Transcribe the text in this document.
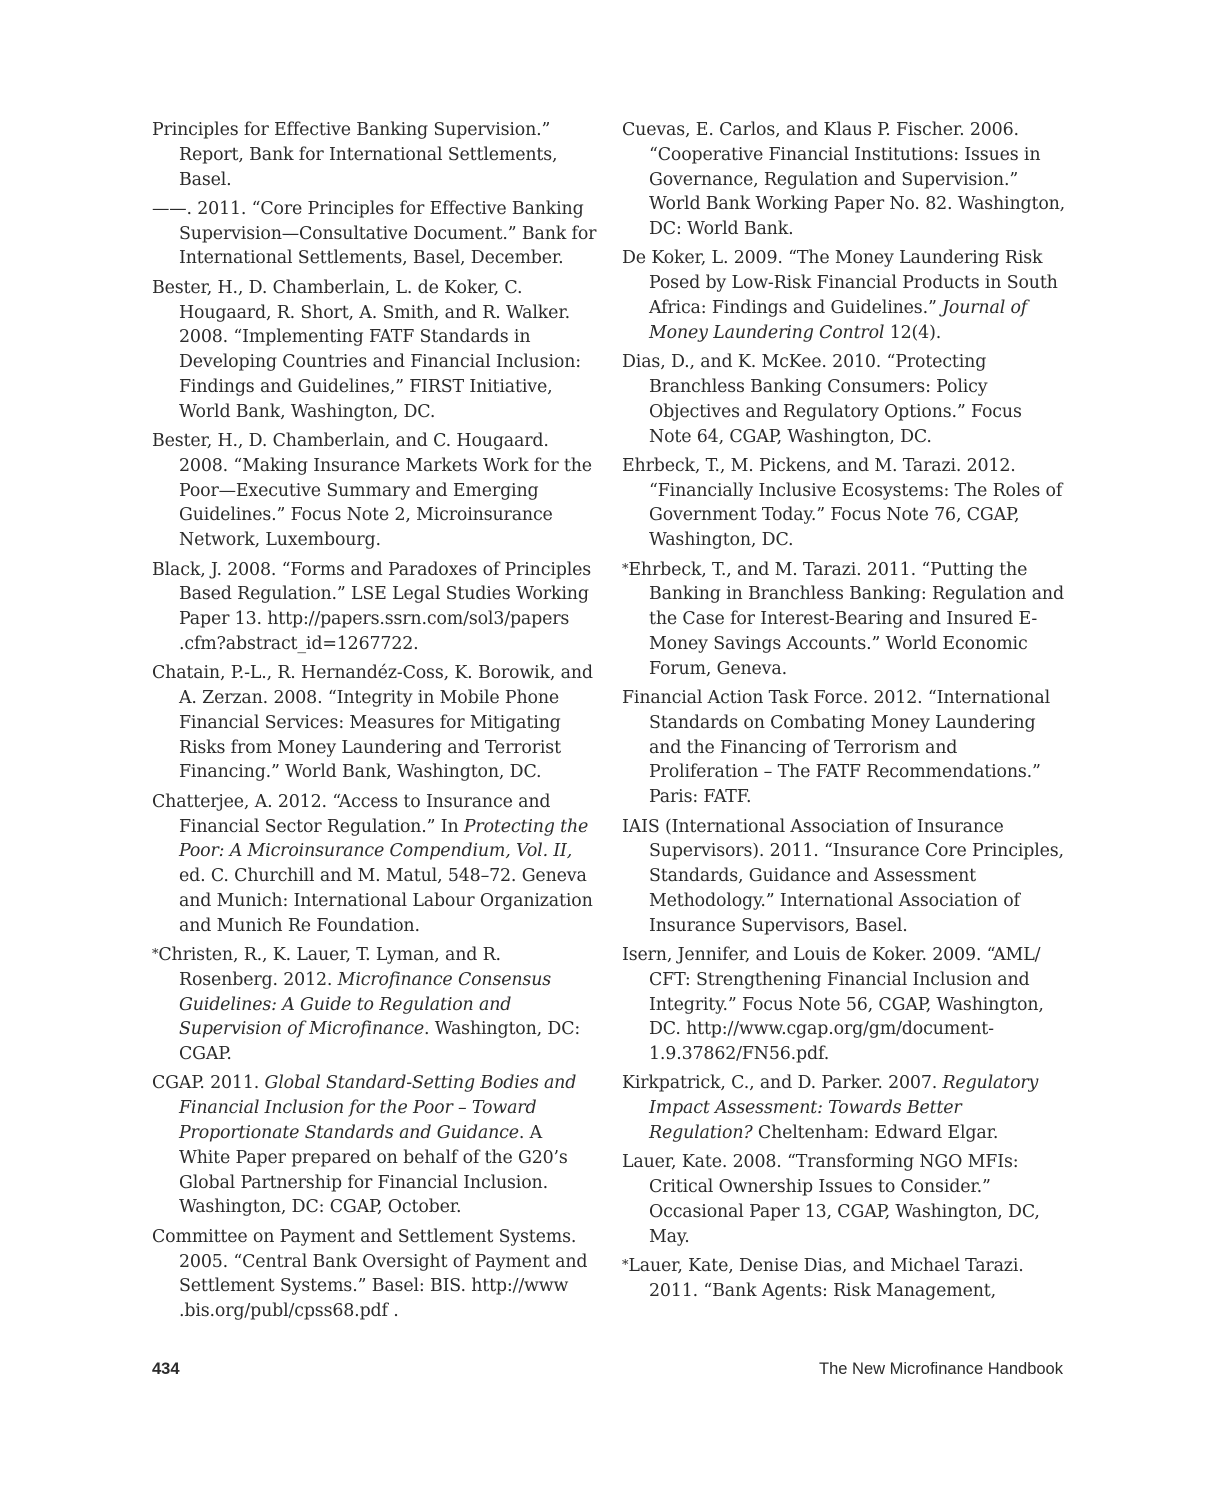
Principles for Effective Banking Supervision.” Report, Bank for International Settlements, Basel.

——. 2011. “Core Principles for Effective Banking Supervision—Consultative Document.” Bank for International Settlements, Basel, December.

Bester, H., D. Chamberlain, L. de Koker, C. Hougaard, R. Short, A. Smith, and R. Walker. 2008. “Implementing FATF Standards in Developing Countries and Financial Inclusion: Findings and Guidelines,” FIRST Initiative, World Bank, Washington, DC.

Bester, H., D. Chamberlain, and C. Hougaard. 2008. “Making Insurance Markets Work for the Poor—Executive Summary and Emerging Guidelines.” Focus Note 2, Microinsurance Network, Luxembourg.

Black, J. 2008. “Forms and Paradoxes of Principles Based Regulation.” LSE Legal Studies Working Paper 13. http://papers.ssrn.com/sol3/papers .cfm?abstract_id=1267722.

Chatain, P.-L., R. Hernandéz-Coss, K. Borowik, and A. Zerzan. 2008. “Integrity in Mobile Phone Financial Services: Measures for Mitigating Risks from Money Laundering and Terrorist Financing.” World Bank, Washington, DC.

Chatterjee, A. 2012. “Access to Insurance and Financial Sector Regulation.” In Protecting the Poor: A Microinsurance Compendium, Vol. II, ed. C. Churchill and M. Matul, 548–72. Geneva and Munich: International Labour Organization and Munich Re Foundation.

*Christen, R., K. Lauer, T. Lyman, and R. Rosenberg. 2012. Microfinance Consensus Guidelines: A Guide to Regulation and Supervision of Microfinance. Washington, DC: CGAP.

CGAP. 2011. Global Standard-Setting Bodies and Financial Inclusion for the Poor – Toward Proportionate Standards and Guidance. A White Paper prepared on behalf of the G20’s Global Partnership for Financial Inclusion. Washington, DC: CGAP, October.

Committee on Payment and Settlement Systems. 2005. “Central Bank Oversight of Payment and Settlement Systems.” Basel: BIS. http://www .bis.org/publ/cpss68.pdf .

Cuevas, E. Carlos, and Klaus P. Fischer. 2006. “Cooperative Financial Institutions: Issues in Governance, Regulation and Supervision.” World Bank Working Paper No. 82. Washington, DC: World Bank.

De Koker, L. 2009. “The Money Laundering Risk Posed by Low-Risk Financial Products in South Africa: Findings and Guidelines.” Journal of Money Laundering Control 12(4).

Dias, D., and K. McKee. 2010. “Protecting Branchless Banking Consumers: Policy Objectives and Regulatory Options.” Focus Note 64, CGAP, Washington, DC.

Ehrbeck, T., M. Pickens, and M. Tarazi. 2012. “Financially Inclusive Ecosystems: The Roles of Government Today.” Focus Note 76, CGAP, Washington, DC.

*Ehrbeck, T., and M. Tarazi. 2011. “Putting the Banking in Branchless Banking: Regulation and the Case for Interest-Bearing and Insured E-Money Savings Accounts.” World Economic Forum, Geneva.

Financial Action Task Force. 2012. “International Standards on Combating Money Laundering and the Financing of Terrorism and Proliferation – The FATF Recommendations.” Paris: FATF.

IAIS (International Association of Insurance Supervisors). 2011. “Insurance Core Principles, Standards, Guidance and Assessment Methodology.” International Association of Insurance Supervisors, Basel.

Isern, Jennifer, and Louis de Koker. 2009. “AML/ CFT: Strengthening Financial Inclusion and Integrity.” Focus Note 56, CGAP, Washington, DC. http://www.cgap.org/gm/document- 1.9.37862/FN56.pdf.

Kirkpatrick, C., and D. Parker. 2007. Regulatory Impact Assessment: Towards Better Regulation? Cheltenham: Edward Elgar.

Lauer, Kate. 2008. “Transforming NGO MFIs: Critical Ownership Issues to Consider.” Occasional Paper 13, CGAP, Washington, DC, May.

*Lauer, Kate, Denise Dias, and Michael Tarazi. 2011. “Bank Agents: Risk Management,

434	The New Microfinance Handbook
